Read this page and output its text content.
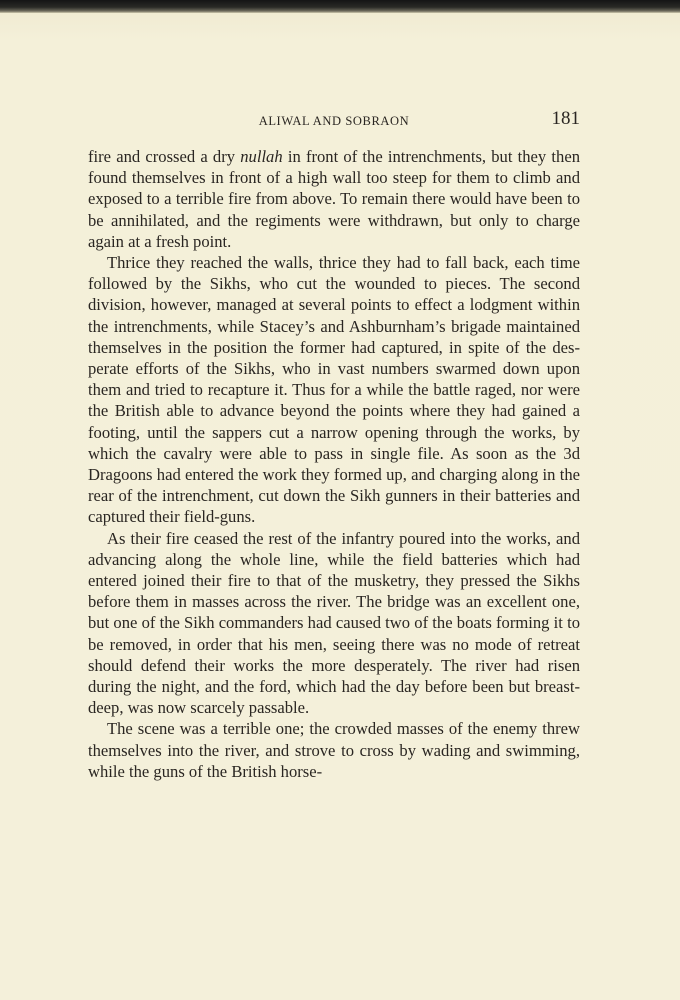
ALIWAL AND SOBRAON	181

fire and crossed a dry nullah in front of the intrenchments, but they then found themselves in front of a high wall too steep for them to climb and exposed to a terrible fire from above. To remain there would have been to be annihilated, and the regiments were withdrawn, but only to charge again at a fresh point.

Thrice they reached the walls, thrice they had to fall back, each time followed by the Sikhs, who cut the wounded to pieces. The second division, however, managed at several points to effect a lodgment within the intrenchments, while Stacey’s and Ashburnham’s brigade maintained themselves in the position the former had captured, in spite of the des-perate efforts of the Sikhs, who in vast numbers swarmed down upon them and tried to recapture it. Thus for a while the battle raged, nor were the British able to advance beyond the points where they had gained a footing, until the sappers cut a narrow opening through the works, by which the cavalry were able to pass in single file. As soon as the 3d Dragoons had entered the work they formed up, and charging along in the rear of the intrenchment, cut down the Sikh gunners in their batteries and captured their field-guns.

As their fire ceased the rest of the infantry poured into the works, and advancing along the whole line, while the field batteries which had entered joined their fire to that of the musketry, they pressed the Sikhs before them in masses across the river. The bridge was an excellent one, but one of the Sikh commanders had caused two of the boats forming it to be removed, in order that his men, seeing there was no mode of retreat should defend their works the more desperately. The river had risen during the night, and the ford, which had the day before been but breast-deep, was now scarcely passable.

The scene was a terrible one; the crowded masses of the enemy threw themselves into the river, and strove to cross by wading and swimming, while the guns of the British horse-
